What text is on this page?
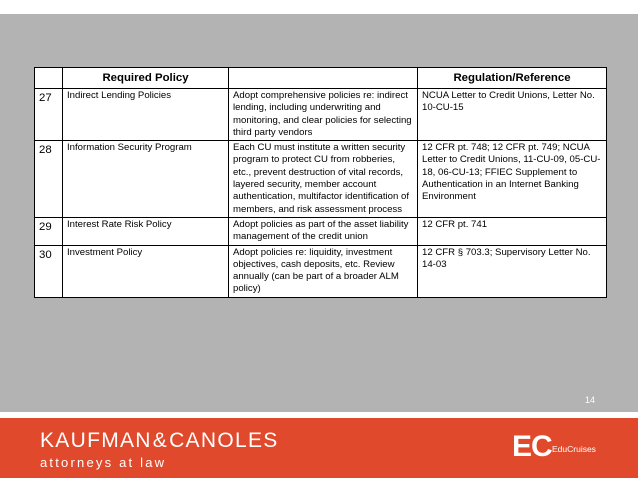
	Required Policy		Regulation/Reference
27	Indirect Lending Policies	Adopt comprehensive policies re: indirect lending, including underwriting and monitoring, and clear policies for selecting third party vendors	NCUA Letter to Credit Unions, Letter No. 10-CU-15
28	Information Security Program	Each CU must institute a written security program to protect CU from robberies, etc., prevent destruction of vital records, layered security, member account authentication, multifactor identification of members, and risk assessment process	12 CFR pt. 748; 12 CFR pt. 749; NCUA Letter to Credit Unions, 11-CU-09, 05-CU-18, 06-CU-13; FFIEC Supplement to Authentication in an Internet Banking Environment
29	Interest Rate Risk Policy	Adopt policies as part of the asset liability management of the credit union	12 CFR pt. 741
30	Investment Policy	Adopt policies re: liquidity, investment objectives, cash deposits, etc. Review annually (can be part of a broader ALM policy)	12 CFR § 703.3; Supervisory Letter No. 14-03
14
KAUFMAN&CANOLES
attorneys at law	EC EduCruises
